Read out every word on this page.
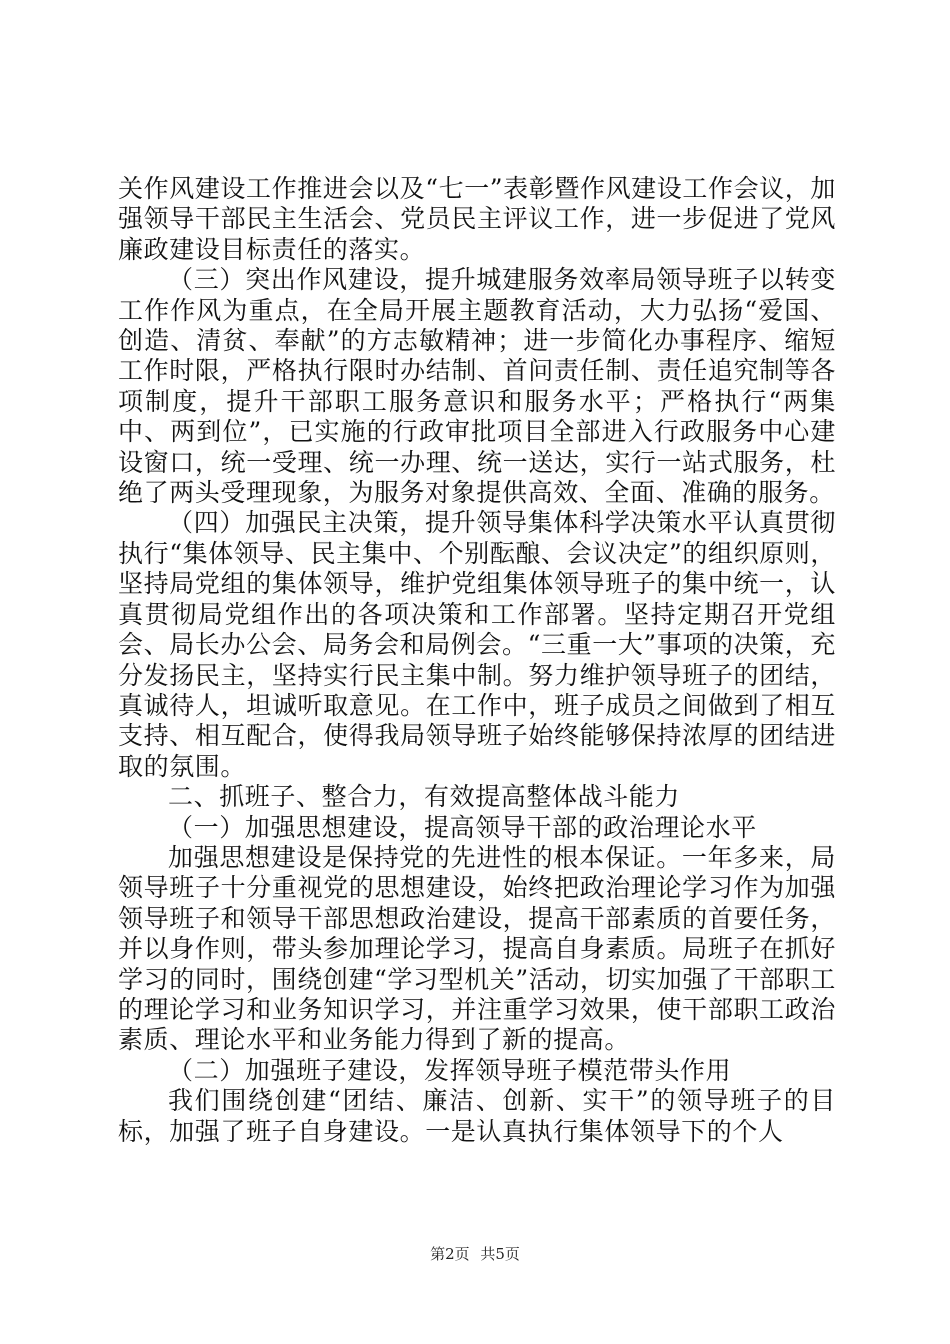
关作风建设工作推进会以及“七一”表彰暨作风建设工作会议，加强领导干部民主生活会、党员民主评议工作，进一步促进了党风廉政建设目标责任的落实。

（三）突出作风建设，提升城建服务效率局领导班子以转变工作作风为重点，在全局开展主题教育活动，大力弘扬“爱国、创造、清贫、奉献”的方志敏精神；进一步简化办事程序、缩短工作时限，严格执行限时办结制、首问责任制、责任追究制等各项制度，提升干部职工服务意识和服务水平；严格执行“两集中、两到位”，已实施的行政审批项目全部进入行政服务中心建设窗口，统一受理、统一办理、统一送达，实行一站式服务，杜绝了两头受理现象，为服务对象提供高效、全面、准确的服务。

（四）加强民主决策，提升领导集体科学决策水平认真贯彻执行“集体领导、民主集中、个别酝酿、会议决定”的组织原则，坚持局党组的集体领导，维护党组集体领导班子的集中统一，认真贯彻局党组作出的各项决策和工作部署。坚持定期召开党组会、局长办公会、局务会和局例会。“三重一大”事项的决策，充分发扬民主，坚持实行民主集中制。努力维护领导班子的团结，真诚待人，坦诚听取意见。在工作中，班子成员之间做到了相互支持、相互配合，使得我局领导班子始终能够保持浓厚的团结进取的氛围。

二、抓班子、整合力，有效提高整体战斗能力

（一）加强思想建设，提高领导干部的政治理论水平

加强思想建设是保持党的先进性的根本保证。一年多来，局领导班子十分重视党的思想建设，始终把政治理论学习作为加强领导班子和领导干部思想政治建设，提高干部素质的首要任务，并以身作则，带头参加理论学习，提高自身素质。局班子在抓好学习的同时，围绕创建“学习型机关”活动，切实加强了干部职工的理论学习和业务知识学习，并注重学习效果，使干部职工政治素质、理论水平和业务能力得到了新的提高。

（二）加强班子建设，发挥领导班子模范带头作用

我们围绕创建“团结、廉洁、创新、实干”的领导班子的目标，加强了班子自身建设。一是认真执行集体领导下的个人

第2页 共5页
